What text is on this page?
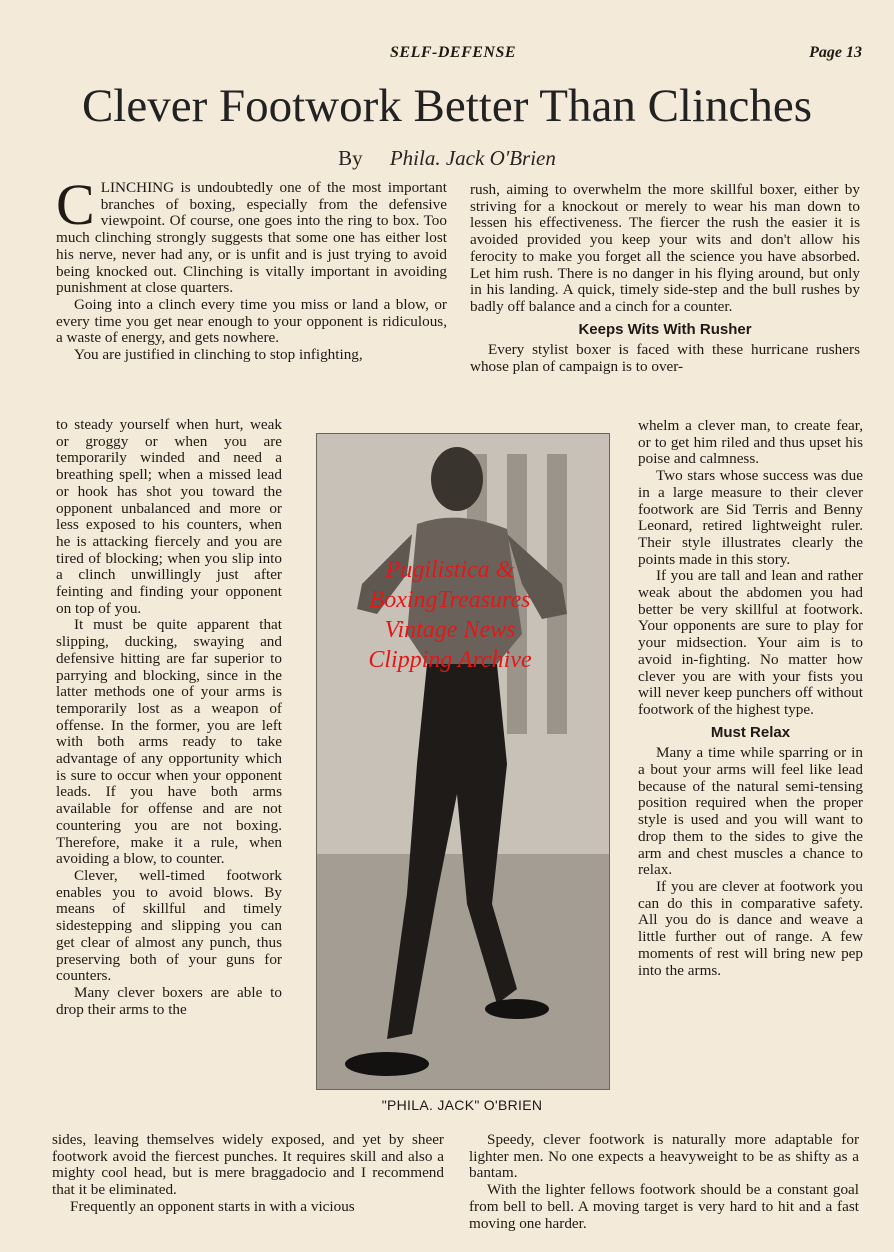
SELF-DEFENSE	Page 13
Clever Footwork Better Than Clinches
By Phila. Jack O'Brien

CLINCHING is undoubtedly one of the most important branches of boxing, especially from the defensive viewpoint. Of course, one goes into the ring to box. Too much clinching strongly suggests that some one has either lost his nerve, never had any, or is unfit and is just trying to avoid being knocked out. Clinching is vitally important in avoiding punishment at close quarters.

Going into a clinch every time you miss or land a blow, or every time you get near enough to your opponent is ridiculous, a waste of energy, and gets nowhere.

You are justified in clinching to stop infighting,

to steady yourself when hurt, weak or groggy or when you are temporarily winded and need a breathing spell; when a missed lead or hook has shot you toward the opponent unbalanced and more or less exposed to his counters, when he is attacking fiercely and you are tired of blocking; when you slip into a clinch unwillingly just after feinting and finding your opponent on top of you.

It must be quite apparent that slipping, ducking, swaying and defensive hitting are far superior to parrying and blocking, since in the latter methods one of your arms is temporarily lost as a weapon of offense. In the former, you are left with both arms ready to take advantage of any opportunity which is sure to occur when your opponent leads. If you have both arms available for offense and are not countering you are not boxing. Therefore, make it a rule, when avoiding a blow, to counter.

Clever, well-timed footwork enables you to avoid blows. By means of skillful and timely sidestepping and slipping you can get clear of almost any punch, thus preserving both of your guns for counters.

Many clever boxers are able to drop their arms to the

sides, leaving themselves widely exposed, and yet by sheer footwork avoid the fiercest punches. It requires skill and also a mighty cool head, but is mere braggadocio and I recommend that it be eliminated.

Frequently an opponent starts in with a vicious

rush, aiming to overwhelm the more skillful boxer, either by striving for a knockout or merely to wear his man down to lessen his effectiveness. The fiercer the rush the easier it is avoided provided you keep your wits and don't allow his ferocity to make you forget all the science you have absorbed. Let him rush. There is no danger in his flying around, but only in his landing. A quick, timely side-step and the bull rushes by badly off balance and a cinch for a counter.

Keeps Wits With Rusher

Every stylist boxer is faced with these hurricane rushers whose plan of campaign is to over-

whelm a clever man, to create fear, or to get him riled and thus upset his poise and calmness.

Two stars whose success was due in a large measure to their clever footwork are Sid Terris and Benny Leonard, retired lightweight ruler. Their style illustrates clearly the points made in this story.

If you are tall and lean and rather weak about the abdomen you had better be very skillful at footwork. Your opponents are sure to play for your midsection. Your aim is to avoid in-fighting. No matter how clever you are with your fists you will never keep punchers off without footwork of the highest type.

Must Relax

Many a time while sparring or in a bout your arms will feel like lead because of the natural semi-tensing position required when the proper style is used and you will want to drop them to the sides to give the arm and chest muscles a chance to relax.

If you are clever at footwork you can do this in comparative safety. All you do is dance and weave a little further out of range. A few moments of rest will bring new pep into the arms.

Speedy, clever footwork is naturally more adaptable for lighter men. No one expects a heavyweight to be as shifty as a bantam.

With the lighter fellows footwork should be a constant goal from bell to bell. A moving target is very hard to hit and a fast moving one harder.

Pugilistica &
BoxingTreasures
Vintage News
Clipping Archive
"PHILA. JACK" O'BRIEN
